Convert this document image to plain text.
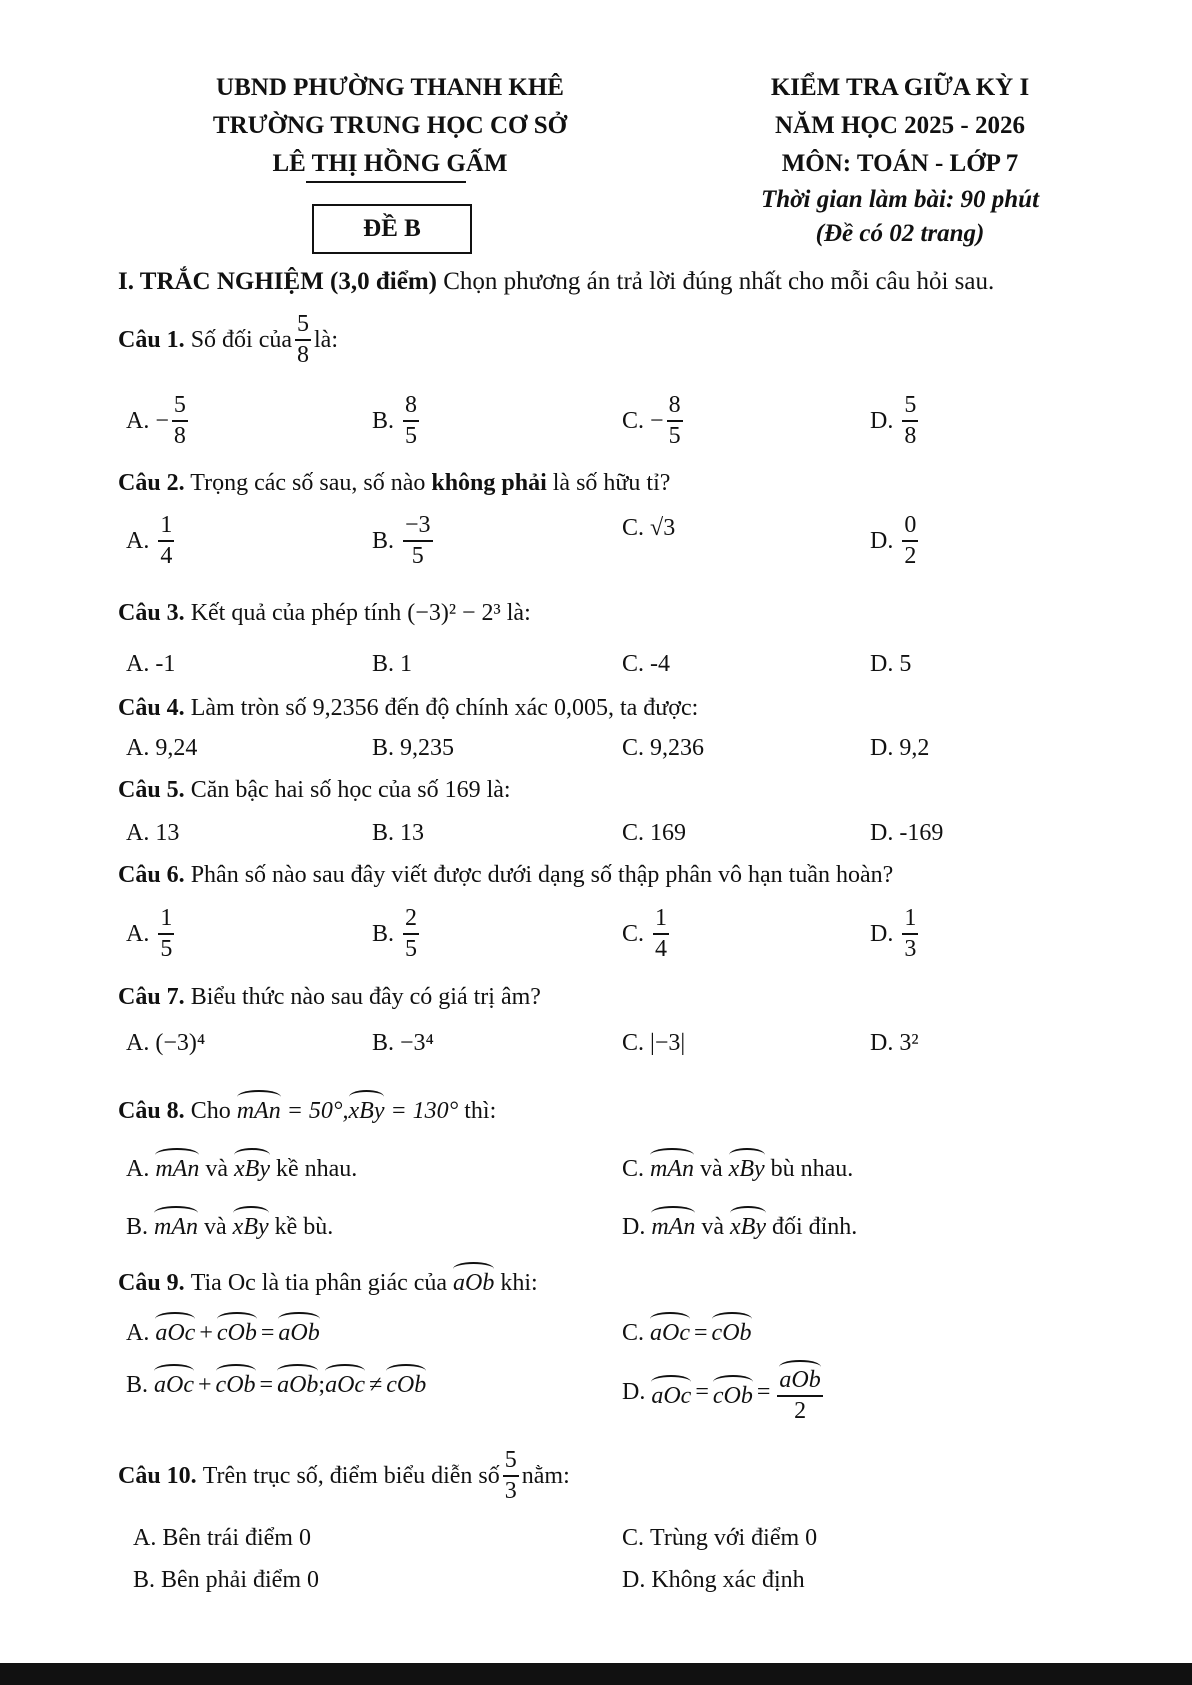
UBND PHƯỜNG THANH KHÊ
TRƯỜNG TRUNG HỌC CƠ SỞ
LÊ THỊ HỒNG GẤM
ĐỀ B
KIỂM TRA GIỮA KỲ I
NĂM HỌC 2025 - 2026
MÔN: TOÁN - LỚP 7
Thời gian làm bài: 90 phút
(Đề có 02 trang)
I. TRẮC NGHIỆM (3,0 điểm) Chọn phương án trả lời đúng nhất cho mỗi câu hỏi sau.
Câu 1.
Số đối của $\frac{5}{8}$ là:
A. − $\frac{5}{8}$	B. $\frac{8}{5}$	C. − $\frac{8}{5}$	D. $\frac{5}{8}$
Câu 2. Trọng các số sau, số nào không phải là số hữu tỉ?
A. $\frac{1}{4}$	B. $\frac{-3}{5}$	C. √3	D. $\frac{0}{2}$
Câu 3. Kết quả của phép tính (−3)² − 2³ là:
A. -1	B. 1	C. -4	D. 5
Câu 4. Làm tròn số 9,2356 đến độ chính xác 0,005, ta được:
A. 9,24	B. 9,235	C. 9,236	D. 9,2
Câu 5. Căn bậc hai số học của số 169 là:
A. 13	B. 13	C. 169	D. -169
Câu 6. Phân số nào sau đây viết được dưới dạng số thập phân vô hạn tuần hoàn?
A. $\frac{1}{5}$	B. $\frac{2}{5}$	C. $\frac{1}{4}$	D. $\frac{1}{3}$
Câu 7. Biểu thức nào sau đây có giá trị âm?
A. (−3)⁴	B. −3⁴	C. |−3|	D. 3²
Câu 8.
Cho
mAn
= 50°, xBy
= 130°
thì:
A. mAn
và
xBy
kề nhau.
B. mAn
và
xBy
kề bù.
C. mAn
và
xBy
bù nhau.
D. mAn
và
xBy
đối đỉnh.
Câu 9.
Tia Oc là tia phân giác của
aOb
khi:
A. aOc + cOb = aOb
B. aOc + cOb = aOb ; aOc ≠ cOb
C. aOc = cOb
D. aOc = cOb = $\frac{\text{aOb}}{2}$
Câu 10.
Trên trục số, điểm biểu diễn số $\frac{5}{3}$ nằm:
A. Bên trái điểm 0
B. Bên phải điểm 0
C. Trùng với điểm 0
D. Không xác định
